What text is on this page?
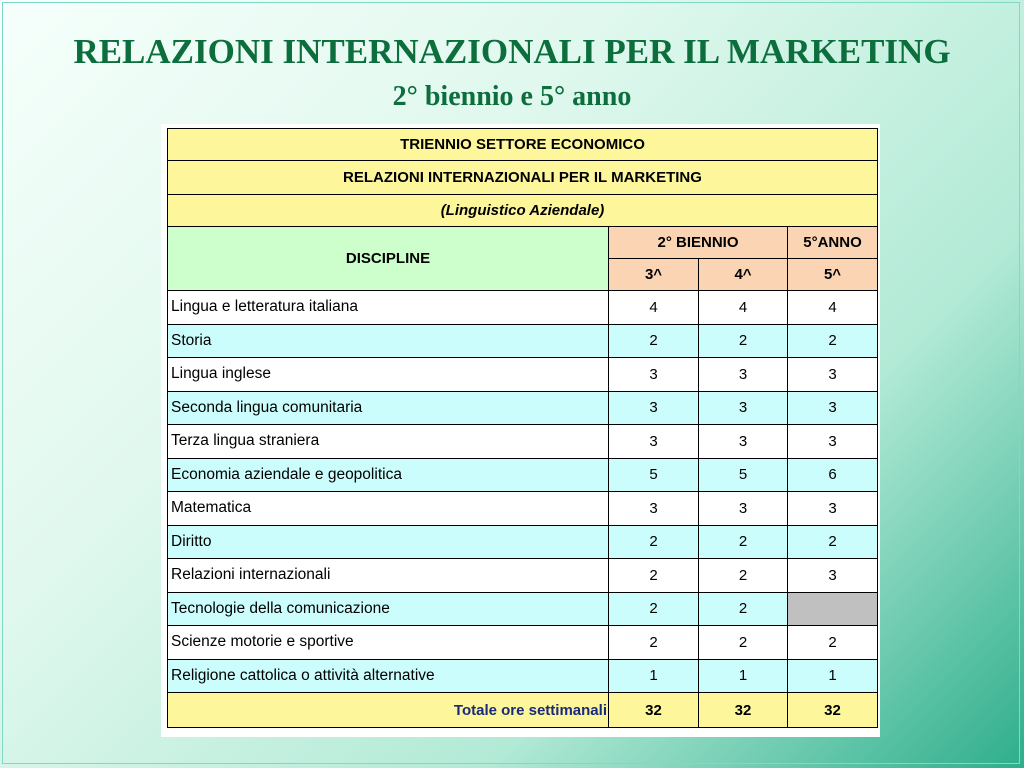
RELAZIONI INTERNAZIONALI PER IL MARKETING
2° biennio e 5° anno
TRIENNIO SETTORE ECONOMICO			
RELAZIONI INTERNAZIONALI PER IL MARKETING			
(Linguistico Aziendale)			
DISCIPLINE	2° BIENNIO		5°ANNO
	3^	4^	5^
Lingua e letteratura italiana	4	4	4
Storia	2	2	2
Lingua inglese	3	3	3
Seconda lingua comunitaria	3	3	3
Terza lingua straniera	3	3	3
Economia aziendale e geopolitica	5	5	6
Matematica	3	3	3
Diritto	2	2	2
Relazioni internazionali	2	2	3
Tecnologie della comunicazione	2	2	
Scienze motorie e sportive	2	2	2
Religione cattolica o attività alternative	1	1	1
Totale ore settimanali	32	32	32
